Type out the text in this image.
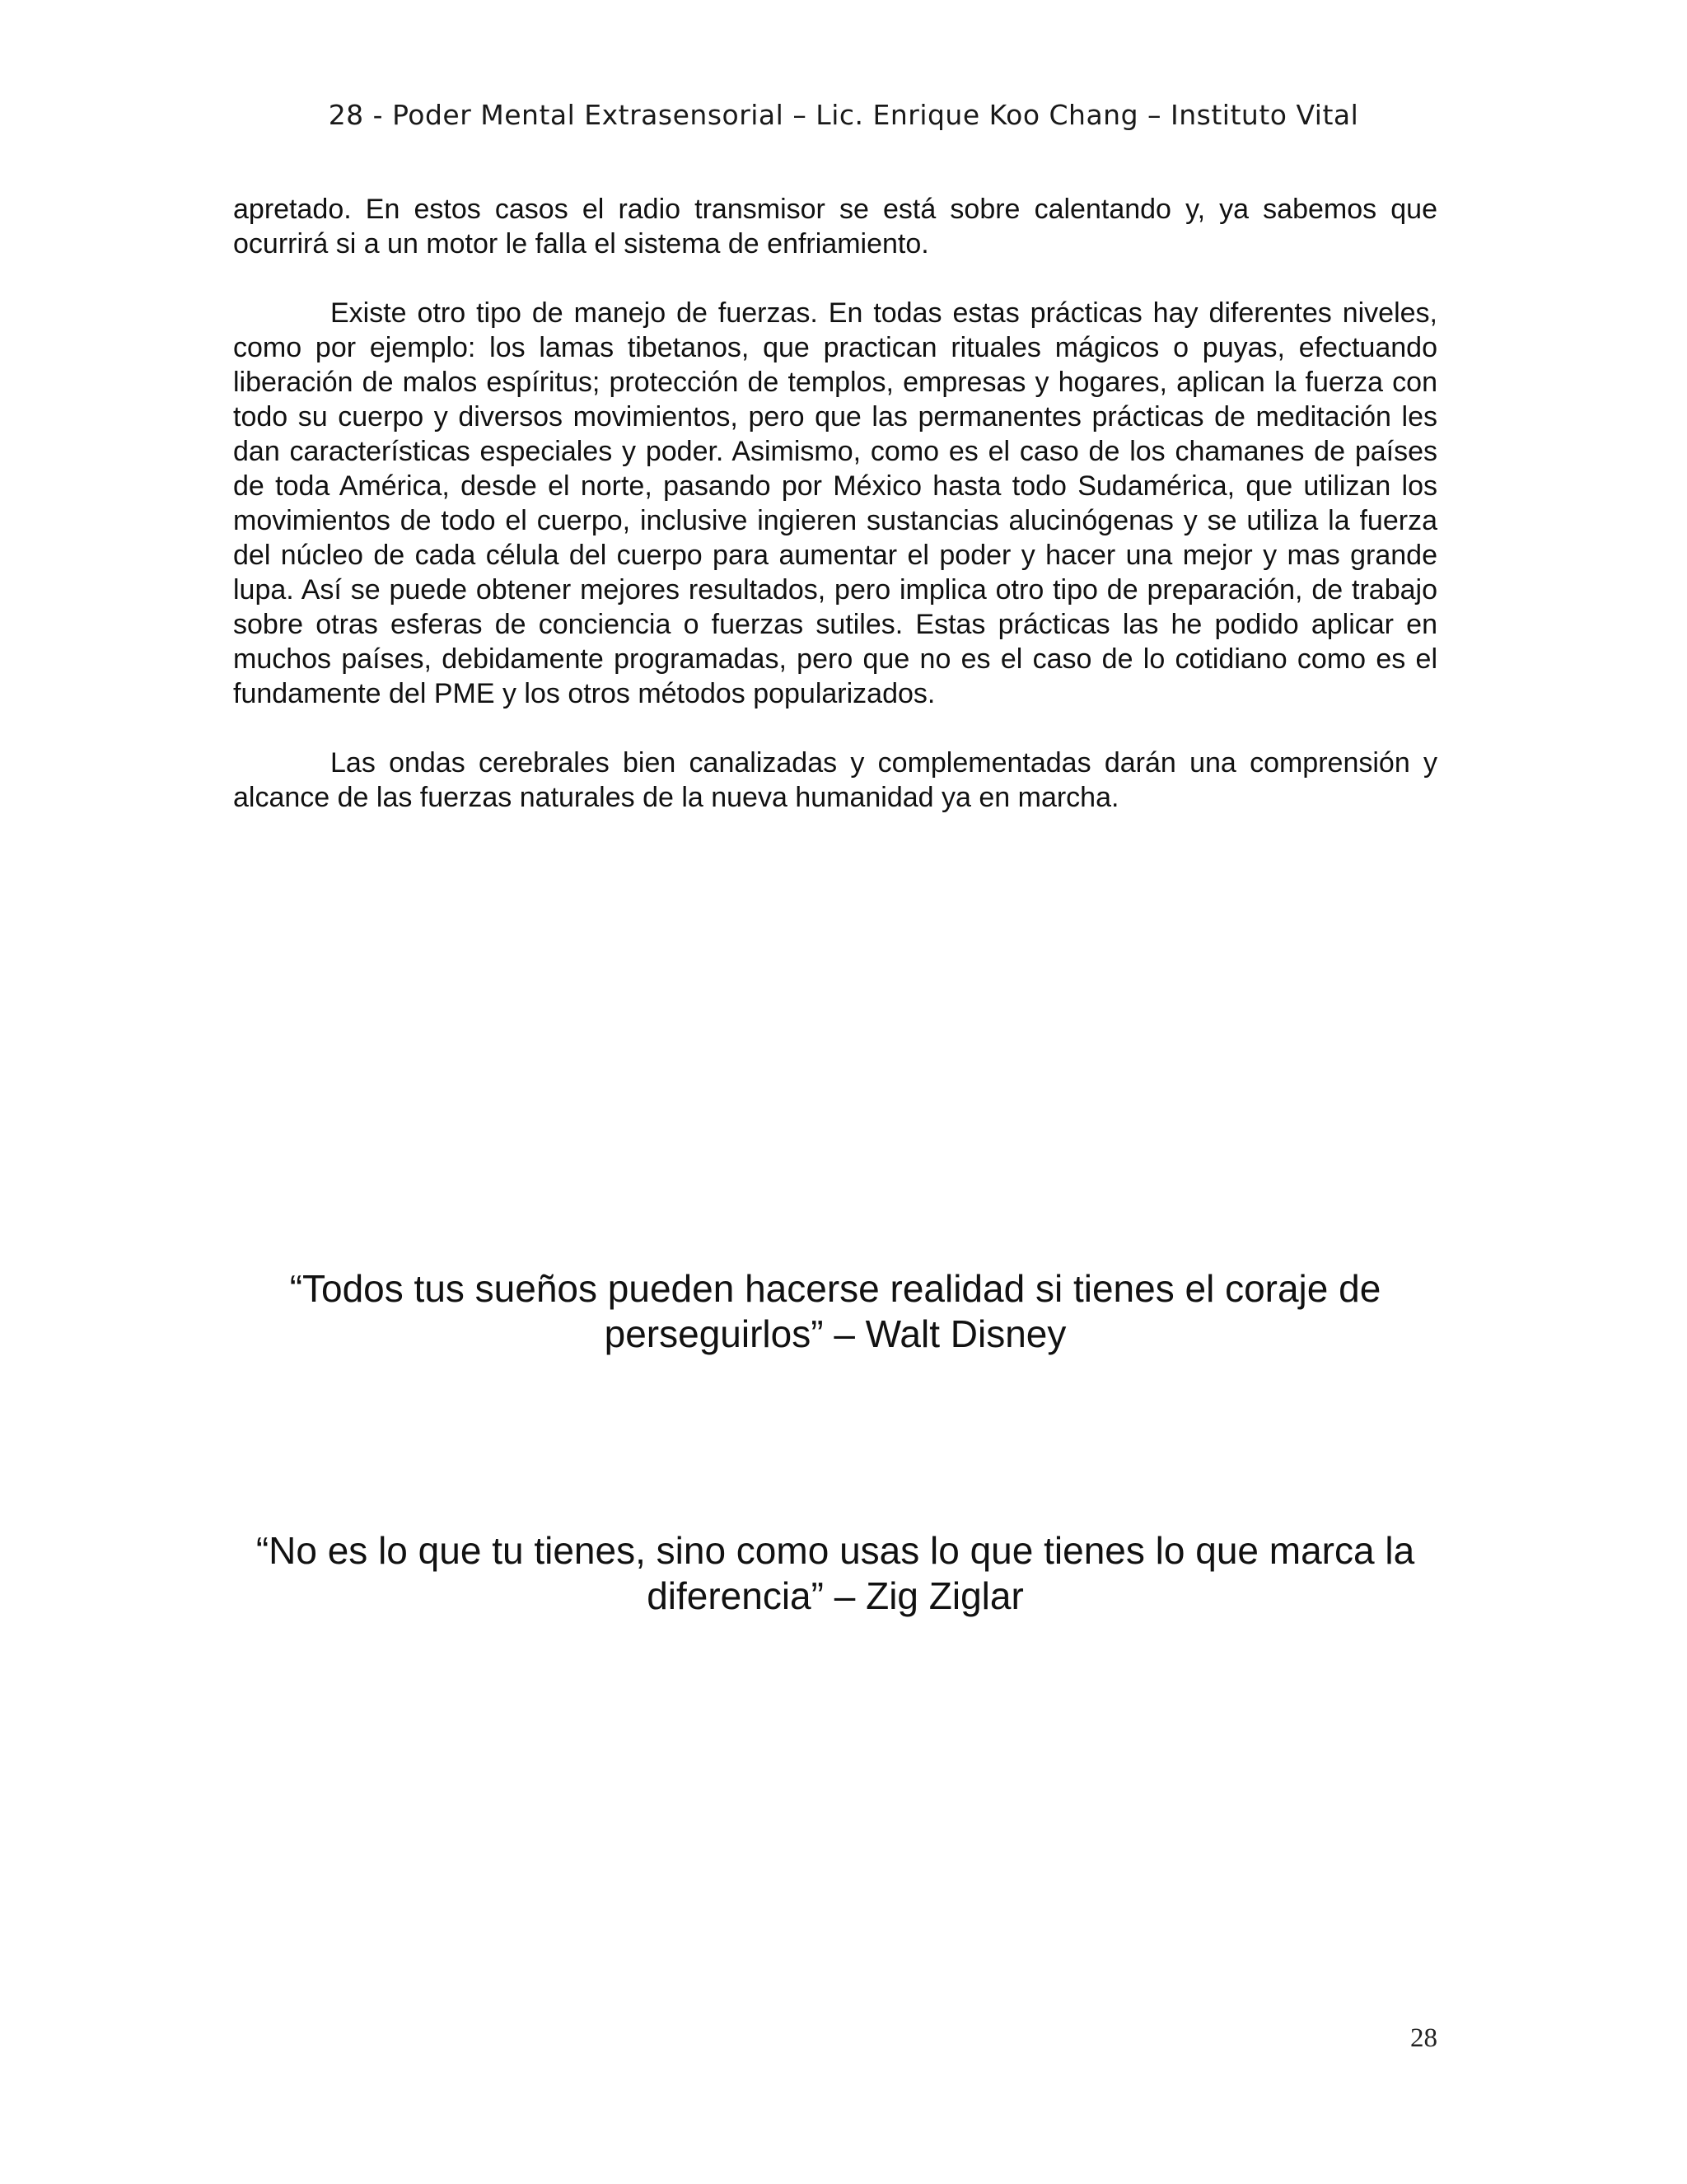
28 - Poder Mental Extrasensorial – Lic. Enrique Koo Chang – Instituto Vital

apretado. En estos casos el radio transmisor se está sobre calentando y, ya sabemos que ocurrirá si a un motor le falla el sistema de enfriamiento.

Existe otro tipo de manejo de fuerzas. En todas estas prácticas hay diferentes niveles, como por ejemplo: los lamas tibetanos, que practican rituales mágicos o puyas, efectuando liberación de malos espíritus; protección de templos, empresas y hogares, aplican la fuerza con todo su cuerpo y diversos movimientos, pero que las permanentes prácticas de meditación les dan características especiales y poder. Asimismo, como es el caso de los chamanes de países de toda América, desde el norte, pasando por México hasta todo Sudamérica, que utilizan los movimientos de todo el cuerpo, inclusive ingieren sustancias alucinógenas y se utiliza la fuerza del núcleo de cada célula del cuerpo para aumentar el poder y hacer una mejor y mas grande lupa. Así se puede obtener mejores resultados, pero implica otro tipo de preparación, de trabajo sobre otras esferas de conciencia o fuerzas sutiles. Estas prácticas las he podido aplicar en muchos países, debidamente programadas, pero que no es el caso de lo cotidiano como es el fundamente del PME y los otros métodos popularizados.

Las ondas cerebrales bien canalizadas y complementadas darán una comprensión y alcance de las fuerzas naturales de la nueva humanidad ya en marcha.

“Todos tus sueños pueden hacerse realidad si tienes el coraje de perseguirlos” – Walt Disney
“No es lo que tu tienes, sino como usas lo que tienes lo que marca la diferencia” – Zig Ziglar
28
